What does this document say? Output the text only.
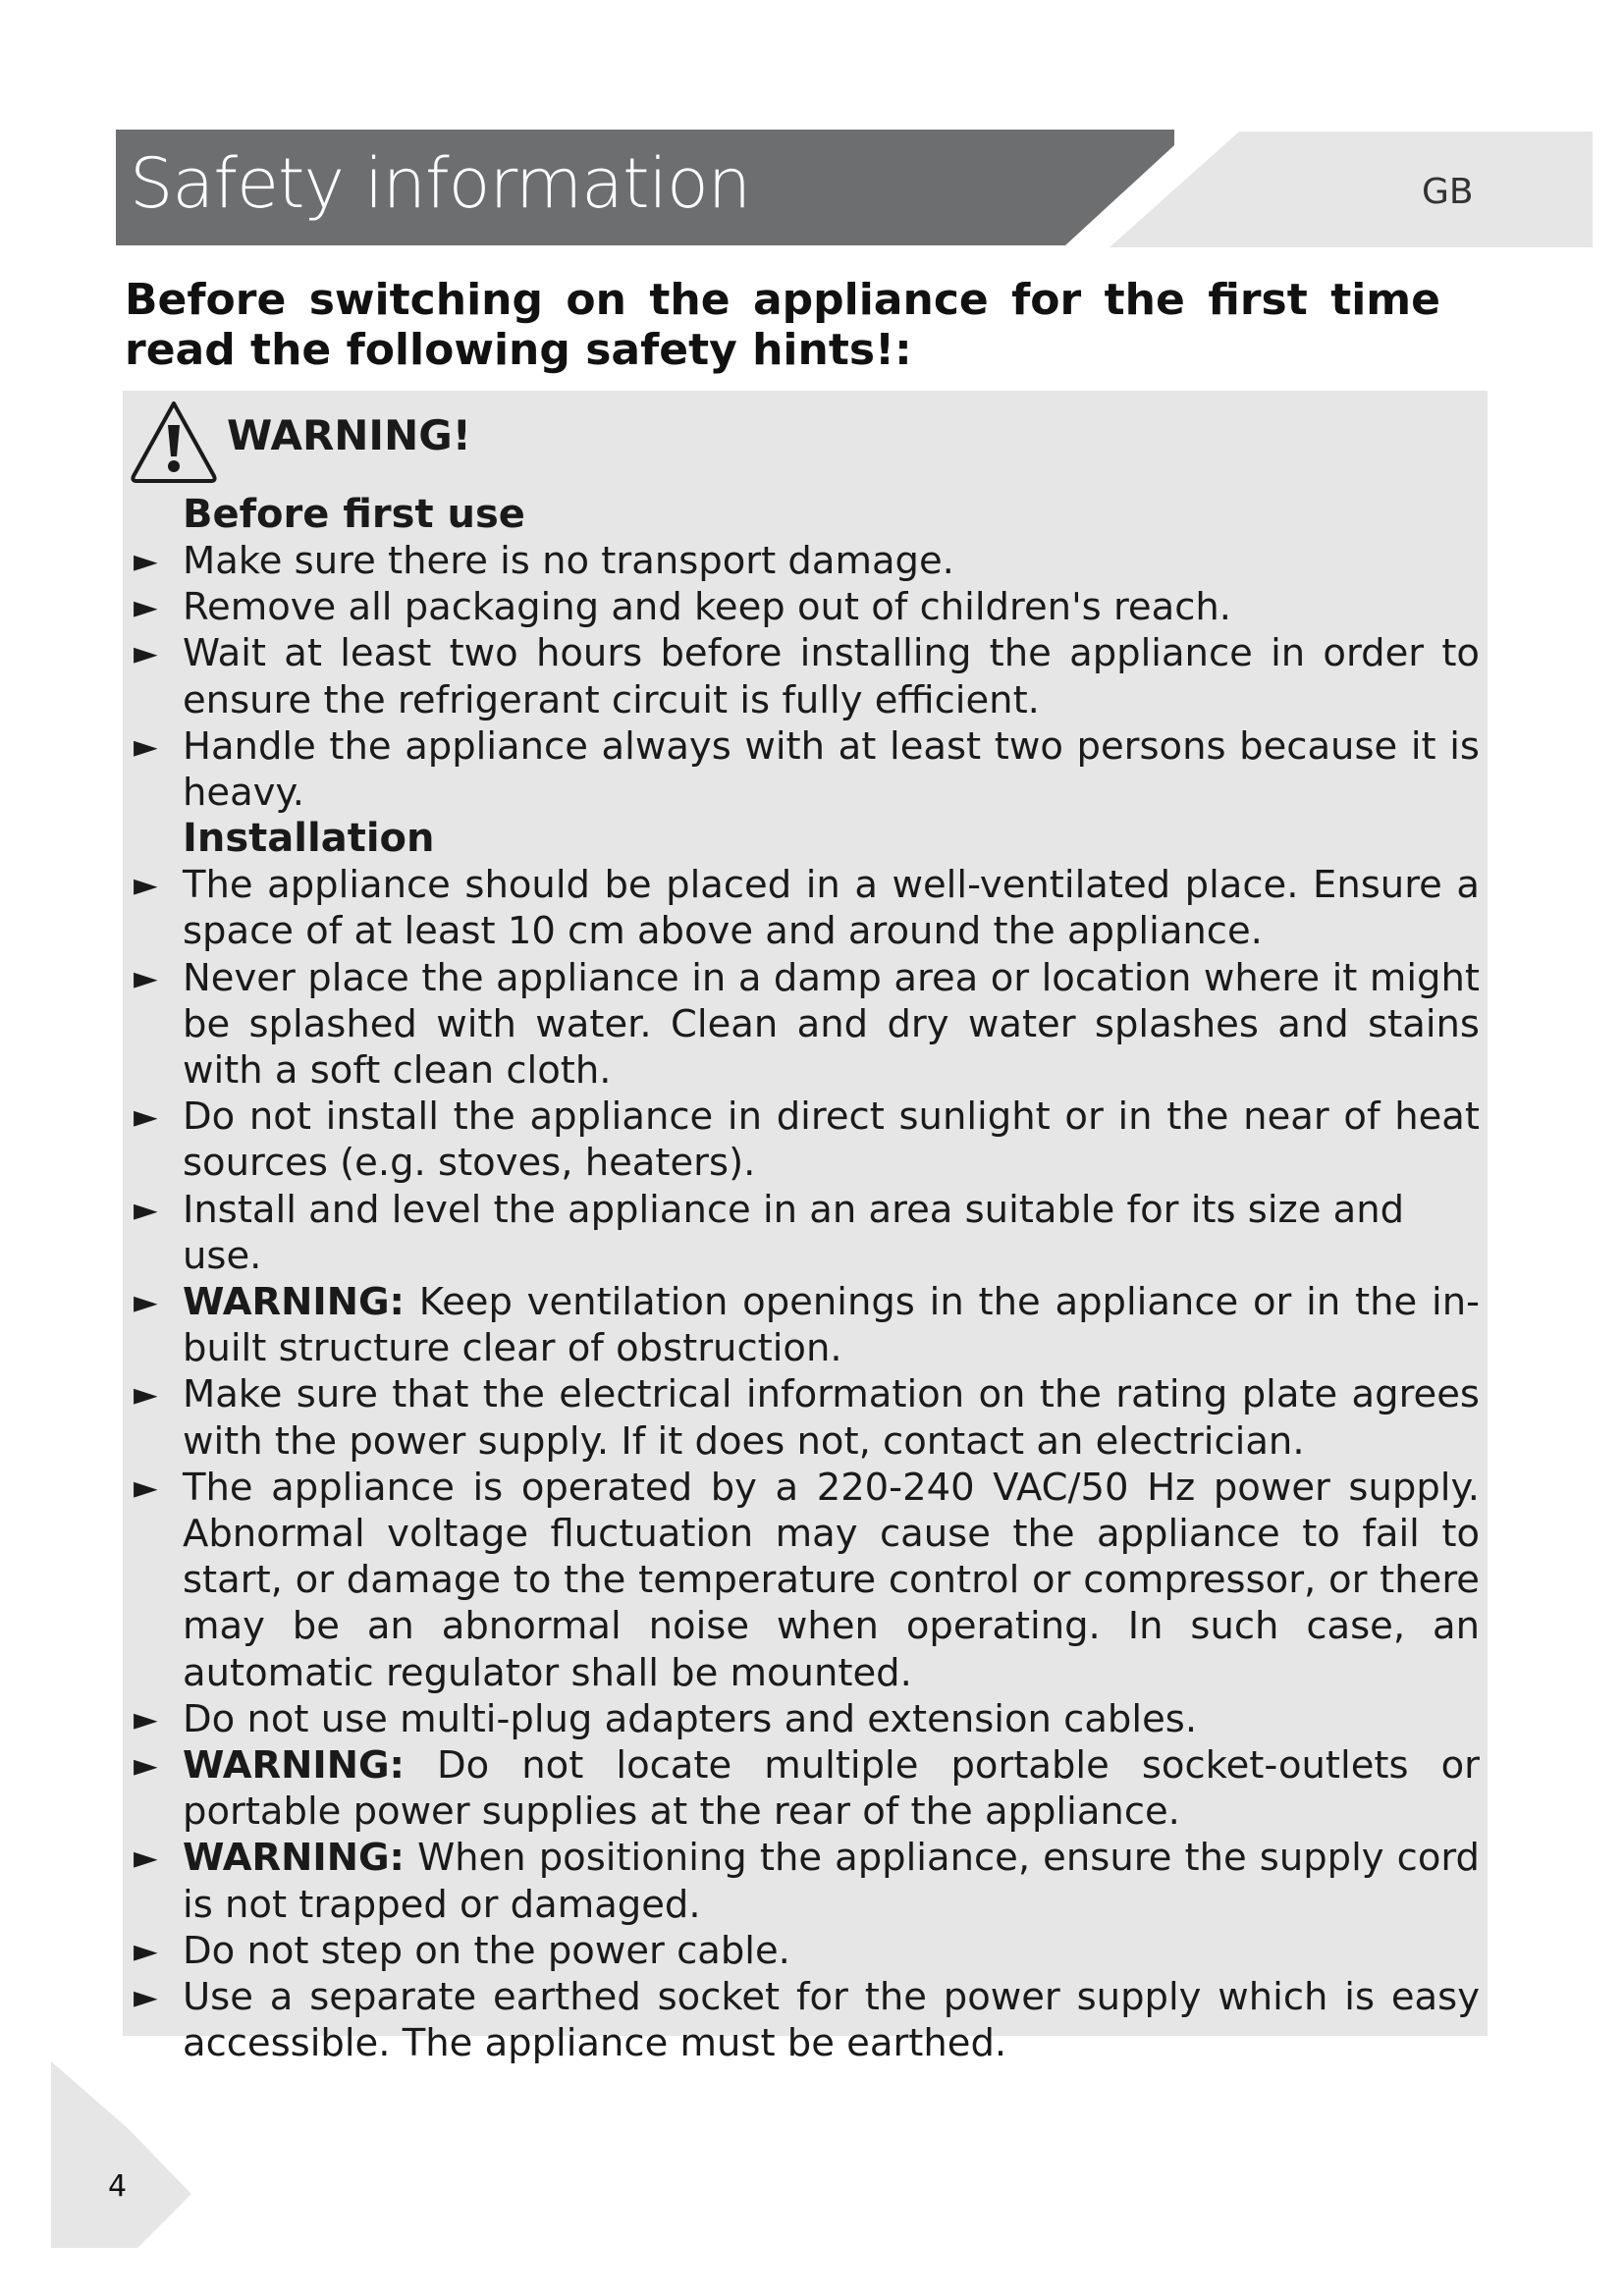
Safety information	GB
Before switching on the appliance for the first time read the following safety hints!:
WARNING!
Before first use
► Make sure there is no transport damage.
► Remove all packaging and keep out of children's reach.
► Wait at least two hours before installing the appliance in order to ensure the refrigerant circuit is fully efficient.
► Handle the appliance always with at least two persons because it is heavy.
Installation
► The appliance should be placed in a well-ventilated place. Ensure a space of at least 10 cm above and around the appliance.
► Never place the appliance in a damp area or location where it might be splashed with water. Clean and dry water splashes and stains with a soft clean cloth.
► Do not install the appliance in direct sunlight or in the near of heat sources (e.g. stoves, heaters).
► Install and level the appliance in an area suitable for its size and use.
► WARNING: Keep ventilation openings in the appliance or in the in-built structure clear of obstruction.
► Make sure that the electrical information on the rating plate agrees with the power supply. If it does not, contact an electrician.
► The appliance is operated by a 220-240 VAC/50 Hz power supply. Abnormal voltage fluctuation may cause the appliance to fail to start, or damage to the temperature control or compressor, or there may be an abnormal noise when operating. In such case, an automatic regulator shall be mounted.
► Do not use multi-plug adapters and extension cables.
► WARNING: Do not locate multiple portable socket-outlets or portable power supplies at the rear of the appliance.
► WARNING: When positioning the appliance, ensure the supply cord is not trapped or damaged.
► Do not step on the power cable.
► Use a separate earthed socket for the power supply which is easy accessible. The appliance must be earthed.
4
